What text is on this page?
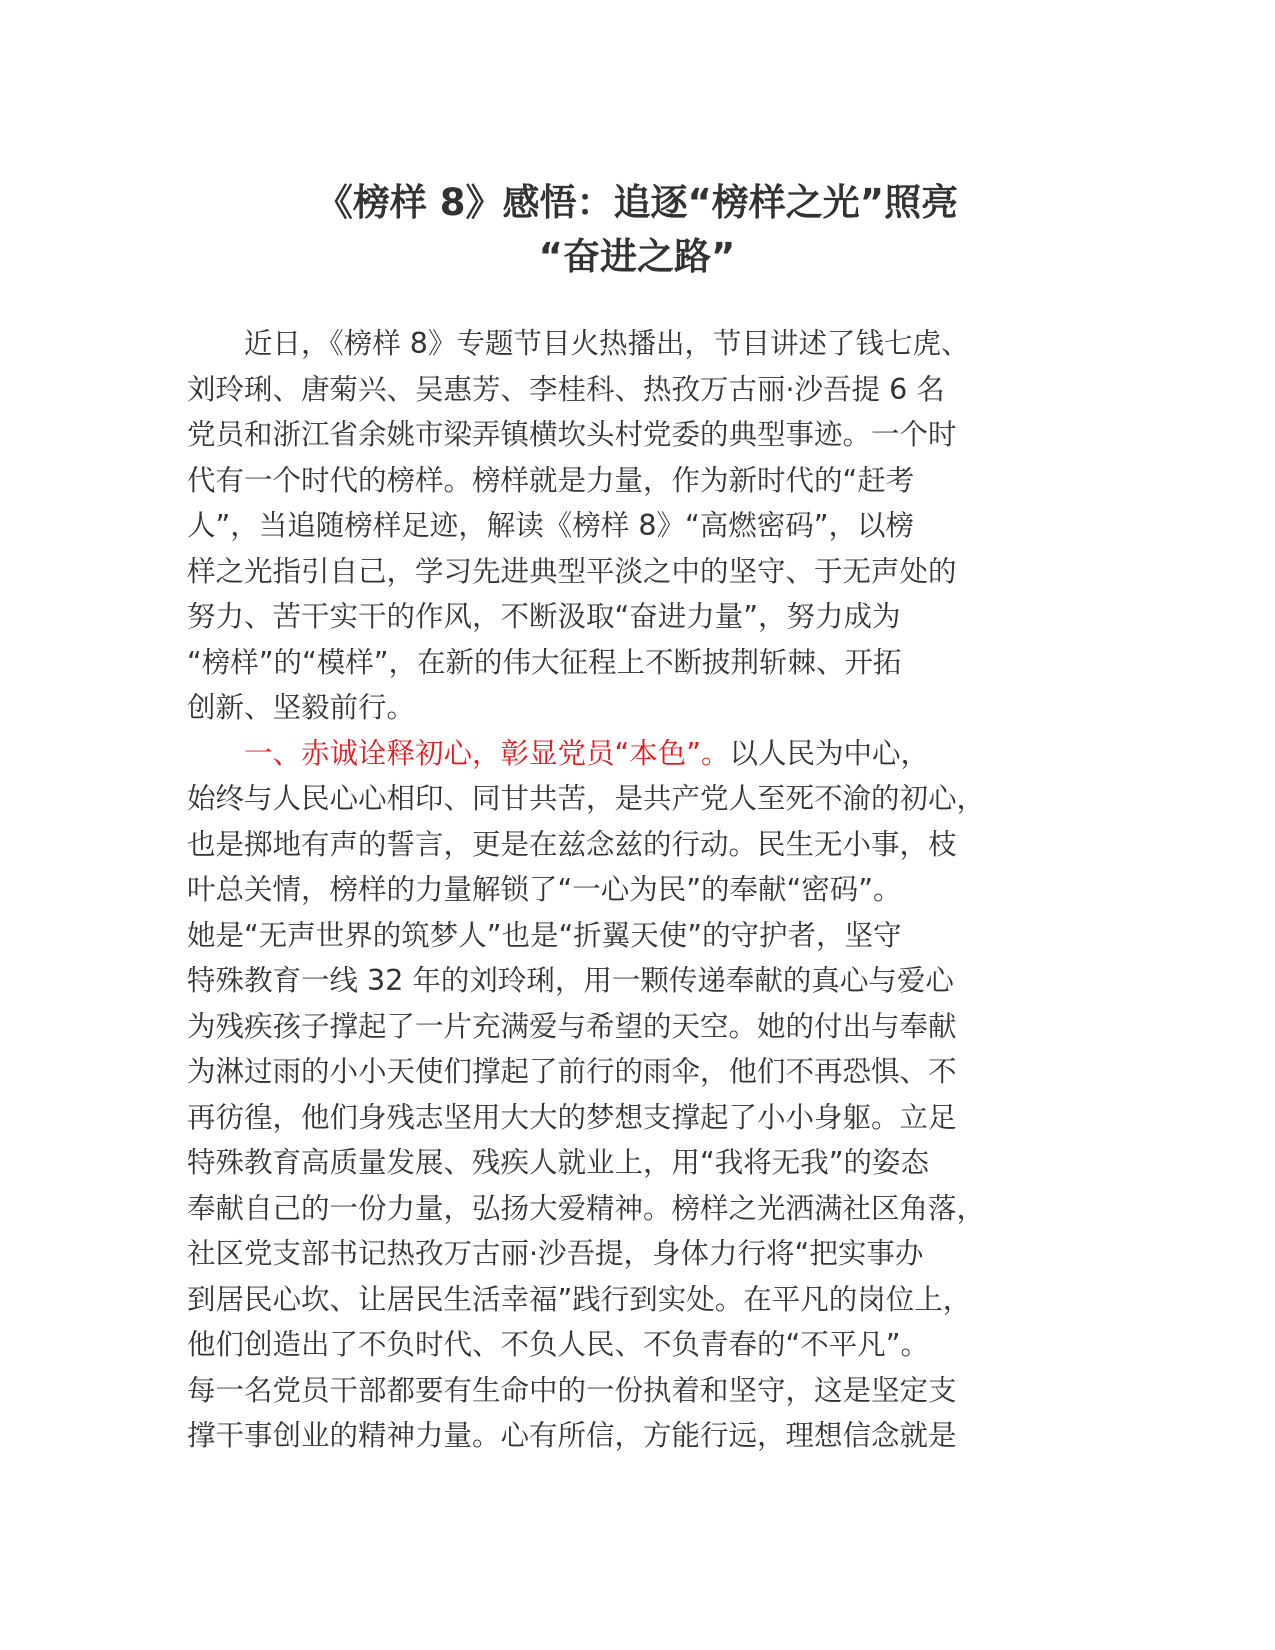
《榜样 8》感悟：追逐“榜样之光”照亮
“奋进之路”
近日，《榜样 8》专题节目火热播出，节目讲述了钱七虎、
刘玲琍、唐菊兴、吴惠芳、李桂科、热孜万古丽·沙吾提 6 名
党员和浙江省余姚市梁弄镇横坎头村党委的典型事迹。一个时
代有一个时代的榜样。榜样就是力量，作为新时代的“赶考
人”，当追随榜样足迹，解读《榜样 8》“高燃密码”，以榜
样之光指引自己，学习先进典型平淡之中的坚守、于无声处的
努力、苦干实干的作风，不断汲取“奋进力量”，努力成为
“榜样”的“模样”，在新的伟大征程上不断披荆斩棘、开拓
创新、坚毅前行。
一、赤诚诠释初心，彰显党员“本色”。以人民为中心，
始终与人民心心相印、同甘共苦，是共产党人至死不渝的初心，
也是掷地有声的誓言，更是在兹念兹的行动。民生无小事，枝
叶总关情，榜样的力量解锁了“一心为民”的奉献“密码”。
她是“无声世界的筑梦人”也是“折翼天使”的守护者，坚守
特殊教育一线 32 年的刘玲琍，用一颗传递奉献的真心与爱心
为残疾孩子撑起了一片充满爱与希望的天空。她的付出与奉献
为淋过雨的小小天使们撑起了前行的雨伞，他们不再恐惧、不
再彷徨，他们身残志坚用大大的梦想支撑起了小小身躯。立足
特殊教育高质量发展、残疾人就业上，用“我将无我”的姿态
奉献自己的一份力量，弘扬大爱精神。榜样之光洒满社区角落，
社区党支部书记热孜万古丽·沙吾提，身体力行将“把实事办
到居民心坎、让居民生活幸福”践行到实处。在平凡的岗位上，
他们创造出了不负时代、不负人民、不负青春的“不平凡”。
每一名党员干部都要有生命中的一份执着和坚守，这是坚定支
撑干事创业的精神力量。心有所信，方能行远，理想信念就是
